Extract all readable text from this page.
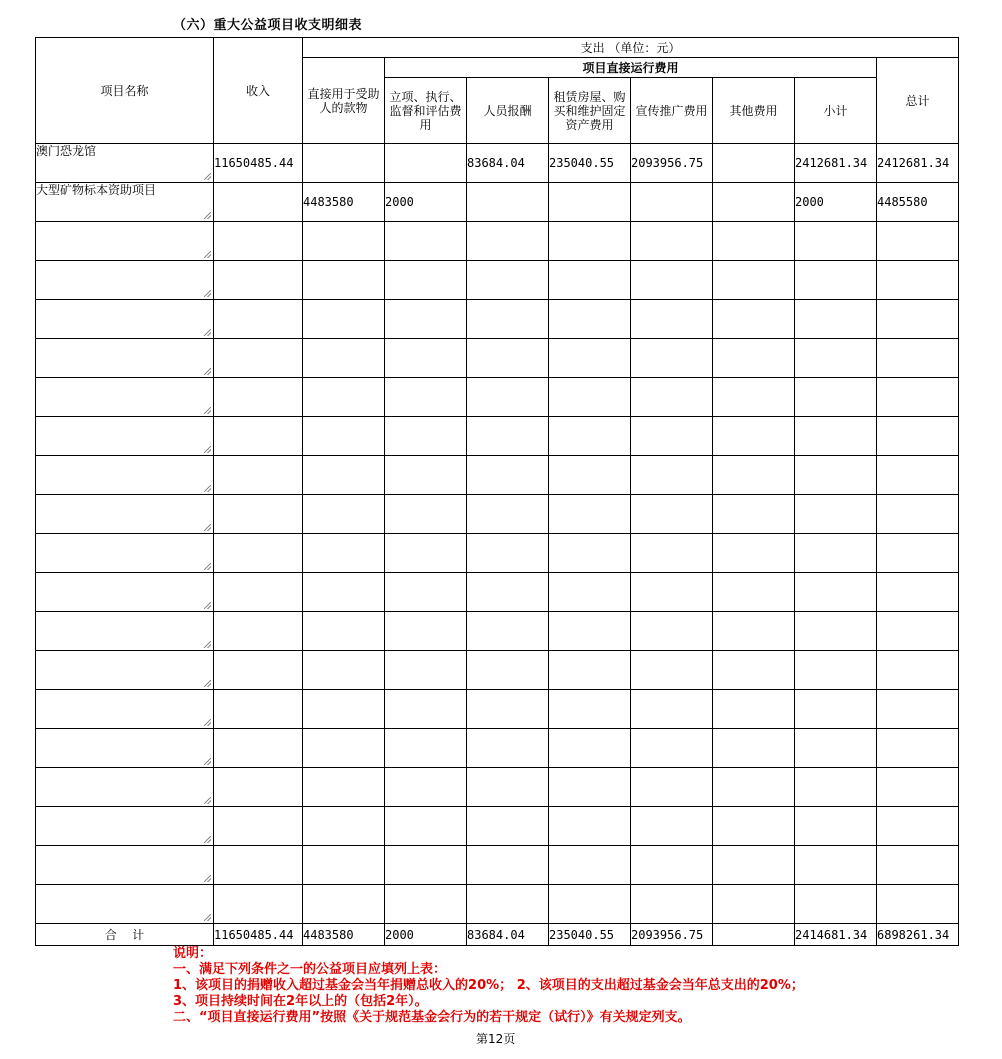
（六）重大公益项目收支明细表
项目名称	收入	支出 （单位：元）							
		直接用于受助人的款物	项目直接运行费用						总计
			立项、执行、监督和评估费用	人员报酬	租赁房屋、购买和维护固定资产费用	宣传推广费用	其他费用	小计	
澳门恐龙馆	11650485.44			83684.04	235040.55	2093956.75		2412681.34	2412681.34
大型矿物标本资助项目		4483580	2000					2000	4485580

合    计	11650485.44	4483580	2000	83684.04	235040.55	2093956.75		2414681.34	6898261.34
说明：
一、满足下列条件之一的公益项目应填列上表：
1、该项目的捐赠收入超过基金会当年捐赠总收入的20%； 2、该项目的支出超过基金会当年总支出的20%； 3、项目持续时间在2年以上的（包括2年）。
二、“项目直接运行费用”按照《关于规范基金会行为的若干规定（试行）》有关规定列支。
第12页
